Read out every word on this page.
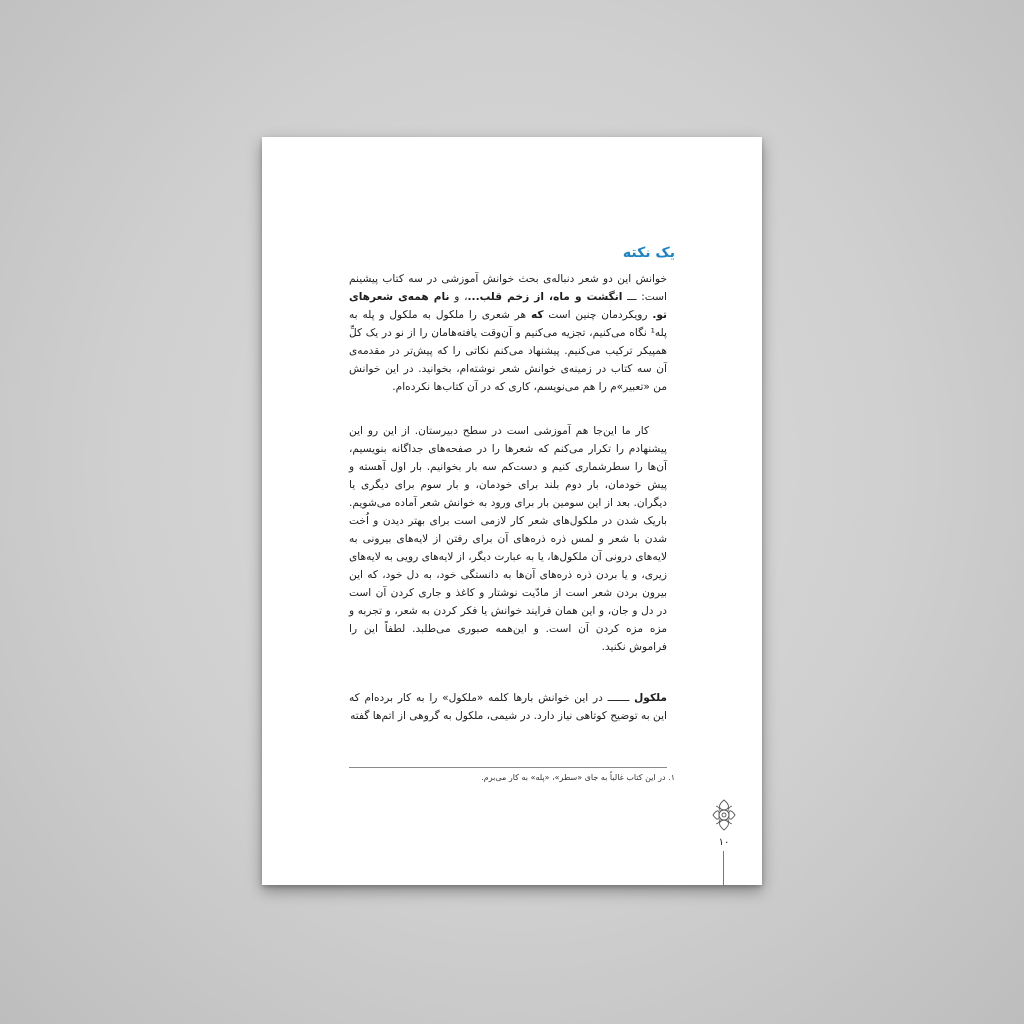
یک نکته
خوانش این دو شعر دنباله‌ی بحث خوانش آموزشی در سه کتاب پیشینم است: ـــ انگشت و ماه، از زخم قلب...، و نام همه‌ی شعرهای تو. رویکردمان چنین است که هر شعری را ملکول به ملکول و پله به پله¹ نگاه می‌کنیم، تجزیه می‌کنیم و آن‌وقت یافته‌هامان را از نو در یک کلِّ همپیکر ترکیب می‌کنیم. پیشنهاد می‌کنم نکاتی را که پیش‌تر در مقدمه‌ی آن سه کتاب در زمینه‌ی خوانش شعر نوشته‌ام، بخوانید. در این خوانش من «تعبیر»م را هم می‌نویسم، کاری که در آن کتاب‌ها نکرده‌ام.
کار ما این‌جا هم آموزشی است در سطح دبیرستان. از این رو این پیشنهادم را تکرار می‌کنم که شعرها را در صفحه‌های جداگانه بنویسیم، آن‌ها را سطرشماری کنیم و دست‌کم سه بار بخوانیم. بار اول آهسته و پیش خودمان، بار دوم بلند برای خودمان، و بار سوم برای دیگری یا دیگران. بعد از این سومین بار برای ورود به خوانش شعر آماده می‌شویم. باریک شدن در ملکول‌های شعر کار لازمی است برای بهتر دیدن و اُخت شدن با شعر و لمس ذره ذره‌های آن برای رفتن از لایه‌های بیرونی به لایه‌های درونی آن ملکول‌ها، یا به عبارت دیگر، از لایه‌های رویی به لایه‌های زیری، و یا بردن ذره ذره‌های آن‌ها به دانستگی خود، به دل خود، که این بیرون بردن شعر است از مادّیت نوشتار و کاغذ و جاری کردن آن است در دل و جان، و این همان فرایند خوانش یا فکر کردن به شعر، و تجربه و مزه مزه کردن آن است. و این‌همه صبوری می‌طلبد. لطفاً این را فراموش نکنید.
ملکول ـــــــ در این خوانش بارها کلمه «ملکول» را به کار برده‌ام که این به توضیح کوتاهی نیاز دارد. در شیمی، ملکول به گروهی از اتم‌ها گفته
۱. در این کتاب غالباً به جای «سطر»، «پله» به کار می‌برم.
۱۰
